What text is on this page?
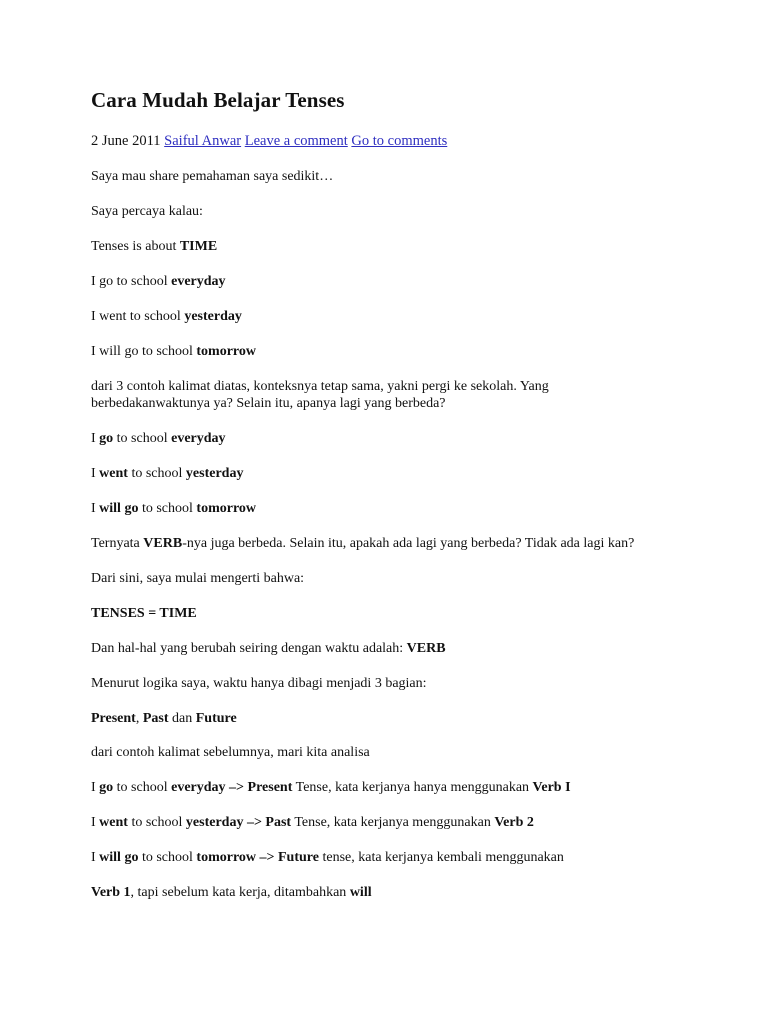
Cara Mudah Belajar Tenses
2 June 2011 Saiful Anwar Leave a comment Go to comments
Saya mau share pemahaman saya sedikit…
Saya percaya kalau:
Tenses is about TIME
I go to school everyday
I went to school yesterday
I will go to school tomorrow
dari 3 contoh kalimat diatas, konteksnya tetap sama, yakni pergi ke sekolah. Yang berbedakanwaktunya ya? Selain itu, apanya lagi yang berbeda?
I go to school everyday
I went to school yesterday
I will go to school tomorrow
Ternyata VERB-nya juga berbeda. Selain itu, apakah ada lagi yang berbeda? Tidak ada lagi kan?
Dari sini, saya mulai mengerti bahwa:
TENSES = TIME
Dan hal-hal yang berubah seiring dengan waktu adalah: VERB
Menurut logika saya, waktu hanya dibagi menjadi 3 bagian:
Present, Past dan Future
dari contoh kalimat sebelumnya, mari kita analisa
I go to school everyday –> Present Tense, kata kerjanya hanya menggunakan Verb I
I went to school yesterday –> Past Tense, kata kerjanya menggunakan Verb 2
I will go to school tomorrow –> Future tense, kata kerjanya kembali menggunakan
Verb 1, tapi sebelum kata kerja, ditambahkan will
